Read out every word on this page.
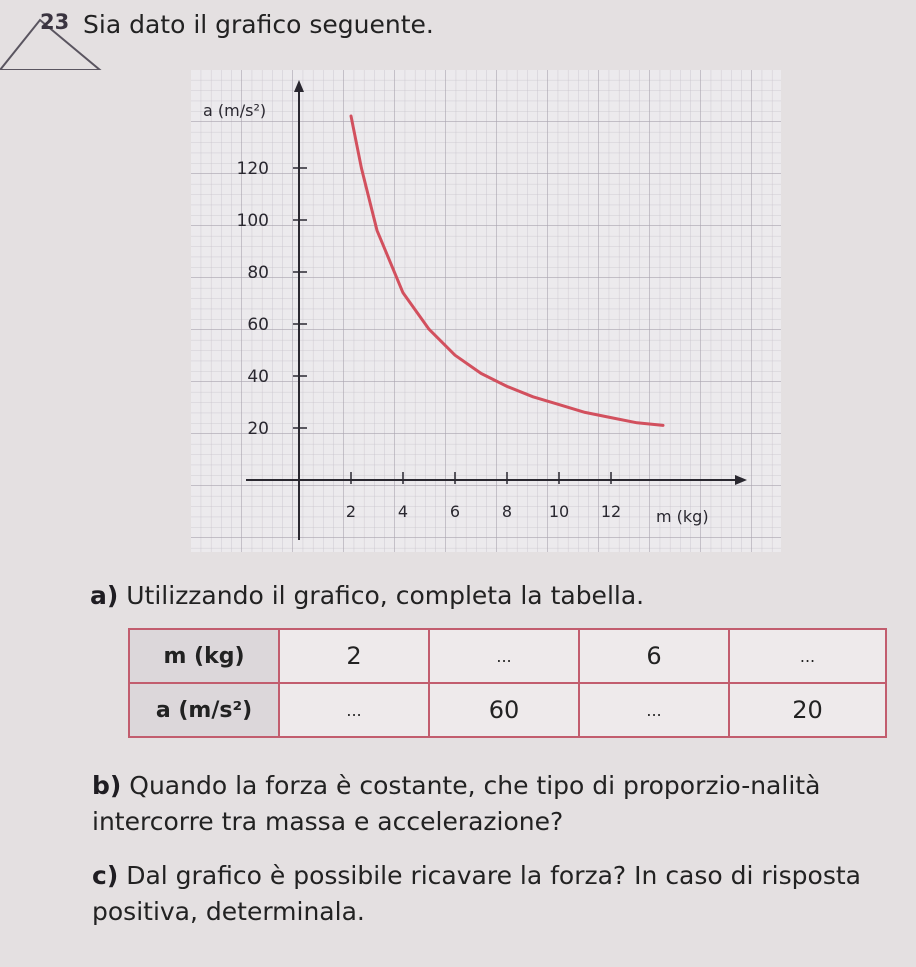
23 Sia dato il grafico seguente.
2	4	6	8 10 12
20
40
60
80
100
120
a (m/s²)
m (kg)
a) Utilizzando il grafico, completa la tabella.
m (kg)	2	...	6	...
a (m/s²)	...	60	...	20
b) Quando la forza è costante, che tipo di proporzio-nalità intercorre tra massa e accelerazione?
c) Dal grafico è possibile ricavare la forza? In caso di risposta positiva, determinala.
